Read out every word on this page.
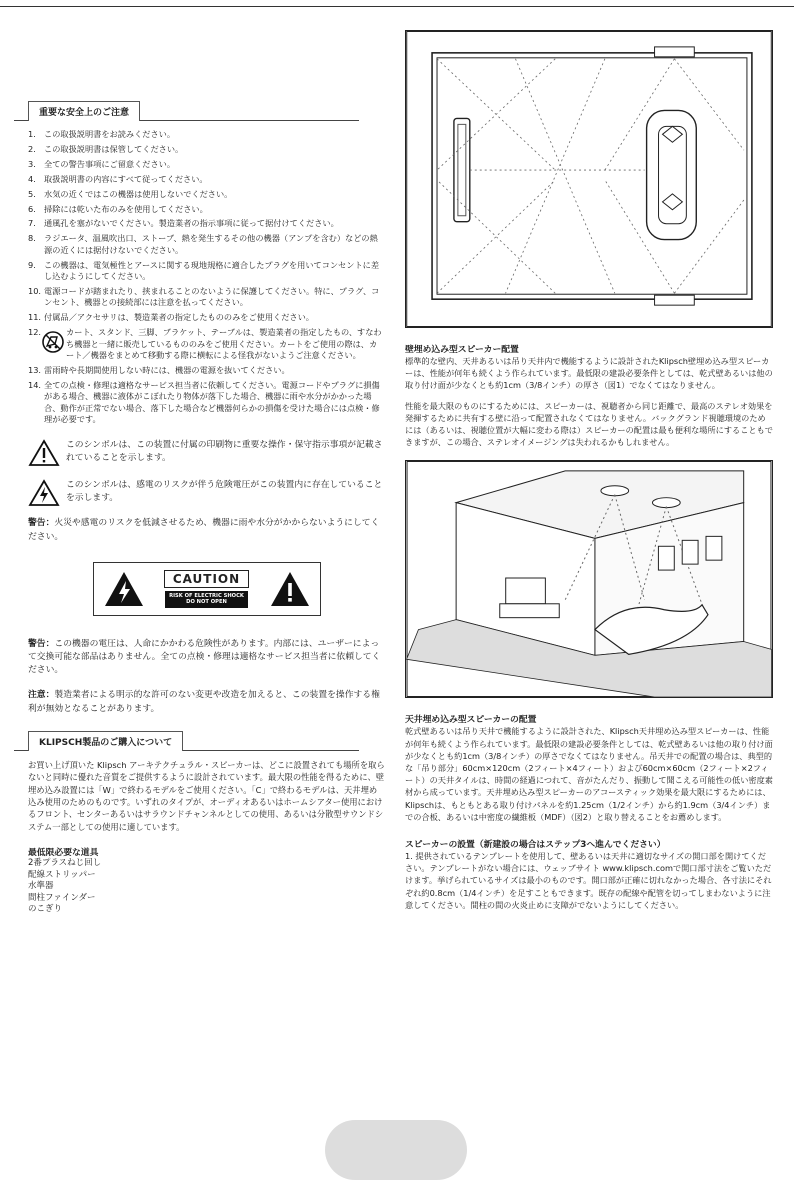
重要な安全上のご注意
1. この取扱説明書をお読みください。
2. この取扱説明書は保管してください。
3. 全ての警告事項にご留意ください。
4. 取扱説明書の内容にすべて従ってください。
5. 水気の近くではこの機器は使用しないでください。
6. 掃除には乾いた布のみを使用してください。
7. 通風孔を塞がないでください。製造業者の指示事項に従って据付けてください。
8. ラジエータ、温風吹出口、ストーブ、熱を発生するその他の機器（アンプを含む）などの熱源の近くには据付けないでください。
9. この機器は、電気極性とアースに関する現地規格に適合したプラグを用いてコンセントに差し込むようにしてください。
10. 電源コードが踏まれたり、挟まれることのないように保護してください。特に、プラグ、コンセント、機器との接続部には注意を払ってください。
11. 付属品／アクセサリは、製造業者の指定したもののみをご使用ください。
12.	カート、スタンド、三脚、ブラケット、テーブルは、製造業者の指定したもの、すなわち機器と一緒に販売しているもののみをご使用ください。カートをご使用の際は、カート／機器をまとめて移動する際に横転による怪我がないようご注意ください。
13. 雷雨時や長期間使用しない時には、機器の電源を抜いてください。
14. 全ての点検・修理は適格なサービス担当者に依頼してください。電源コードやプラグに損傷がある場合、機器に液体がこぼれたり物体が落下した場合、機器に雨や水分がかかった場合、動作が正常でない場合、落下した場合など機器何らかの損傷を受けた場合には点検・修理が必要です。
このシンボルは、この装置に付属の印刷物に重要な操作・保守指示事項が記載されていることを示します。
このシンボルは、感電のリスクが伴う危険電圧がこの装置内に存在していることを示します。
警告：火災や感電のリスクを低減させるため、機器に雨や水分がかからないようにしてください。
CAUTION
RISK OF ELECTRIC SHOCK
DO NOT OPEN
警告：この機器の電圧は、人命にかかわる危険性があります。内部には、ユーザーによって交換可能な部品はありません。全ての点検・修理は適格なサービス担当者に依頼してください。
注意：製造業者による明示的な許可のない変更や改造を加えると、この装置を操作する権利が無効となることがあります。
KLIPSCH製品のご購入について
お買い上げ頂いた Klipsch アーキテクチュラル・スピーカーは、どこに設置されても場所を取らないと同時に優れた音質をご提供するように設計されています。最大限の性能を得るために、壁埋め込み設置には「W」で終わるモデルをご使用ください。「C」で終わるモデルは、天井埋め込み使用のためのものです。いずれのタイプが、オーディオあるいはホームシアター使用におけるフロント、センターあるいはサラウンドチャンネルとしての使用、あるいは分散型サウンドシステム一部としての使用に適しています。
最低限必要な道具
2番プラスねじ回し
配線ストリッパー
水準器
間柱ファインダー
のこぎり
壁埋め込み型スピーカー配置
標準的な壁内、天井あるいは吊り天井内で機能するように設計されたKlipsch壁埋め込み型スピーカーは、性能が何年も続くよう作られています。最低限の建設必要条件としては、乾式壁あるいは他の取り付け面が少なくとも約1cm（3/8インチ）の厚さ（図1）でなくてはなりません。
性能を最大限のものにするためには、スピーカーは、視聴者から同じ距離で、最高のステレオ効果を発揮するために共有する壁に沿って配置されなくてはなりません。バックグランド視聴環境のためには（あるいは、視聴位置が大幅に変わる際は）スピーカーの配置は最も便利な場所にすることもできますが、この場合、ステレオイメージングは失われるかもしれません。
天井埋め込み型スピーカーの配置
乾式壁あるいは吊り天井で機能するように設計された、Klipsch天井埋め込み型スピーカーは、性能が何年も続くよう作られています。最低限の建設必要条件としては、乾式壁あるいは他の取り付け面が少なくとも約1cm（3/8インチ）の厚さでなくてはなりません。吊天井での配置の場合は、典型的な「吊り部分」60cm×120cm（2フィート×4フィート）および60cm×60cm（2フィート×2フィート）の天井タイルは、時間の経過につれて、音がたんだり、振動して聞こえる可能性の低い密度素材から成っています。天井埋め込み型スピーカーのアコースティック効果を最大限にするためには、Klipschは、もともとある取り付けパネルを約1.25cm（1/2インチ）から約1.9cm（3/4インチ）までの合板、あるいは中密度の繊維板（MDF）（図2）と取り替えることをお薦めします。
スピーカーの設置（新建設の場合はステップ3へ進んでください）
1. 提供されているテンプレートを使用して、壁あるいは天井に適切なサイズの開口部を開けてください。テンプレートがない場合には、ウェッブサイト www.klipsch.comで開口部寸法をご覧いただけます。挙げられているサイズは最小のものです。開口部が正確に切れなかった場合、各寸法にそれぞれ約0.8cm（1/4インチ）を足すこともできます。既存の配線や配管を切ってしまわないように注意してください。間柱の間の火炎止めに支障がでないようにしてください。
